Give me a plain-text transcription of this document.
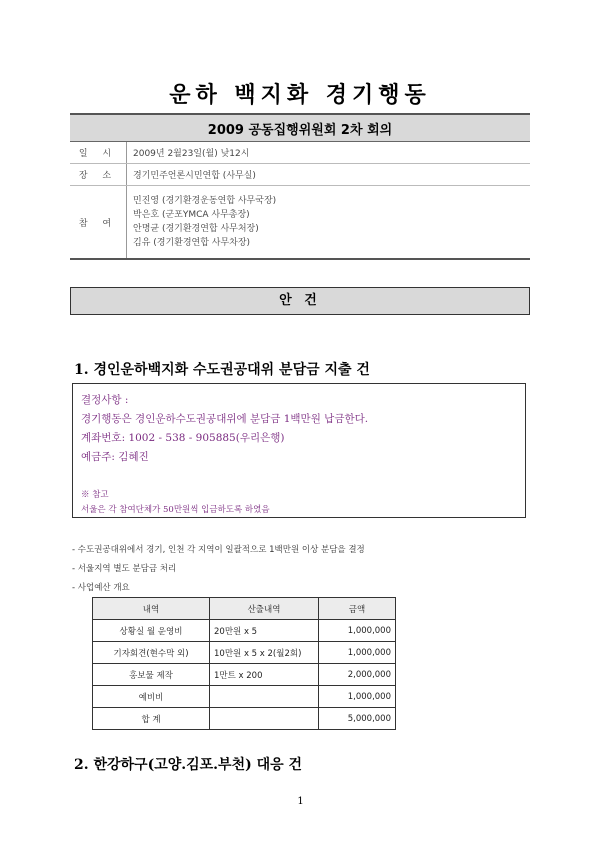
운하 백지화 경기행동
2009 공동집행위원회 2차 회의	
일 시	2009년 2월23일(월) 낮12시
장 소	경기민주언론시민연합 (사무실)
참 여	민진영 (경기환경운동연합 사무국장)
박은호 (군포YMCA 사무총장)
안명균 (경기환경연합 사무처장)
김유 (경기환경연합 사무차장)
안 건
1. 경인운하백지화 수도권공대위 분담금 지출 건
결정사항 :
경기행동은 경인운하수도권공대위에 분담금 1백만원 납금한다.
계좌번호: 1002 - 538 - 905885(우리은행)
예금주: 김혜진
※ 참고
서울은 각 참여단체가 50만원씩 입금하도록 하였음
- 수도권공대위에서 경기, 인천 각 지역이 일괄적으로 1백만원 이상 분담을 결정
- 서울지역 별도 분담금 처리
- 사업예산 개요
내역	산출내역	금액
상황실 월 운영비	20만원 x 5	1,000,000
기자회견(현수막 외)	10만원 x 5 x 2(월2회)	1,000,000
홍보물 제작	1만트 x 200	2,000,000
예비비		1,000,000
합 계		5,000,000
2. 한강하구(고양.김포.부천) 대응 건
1
